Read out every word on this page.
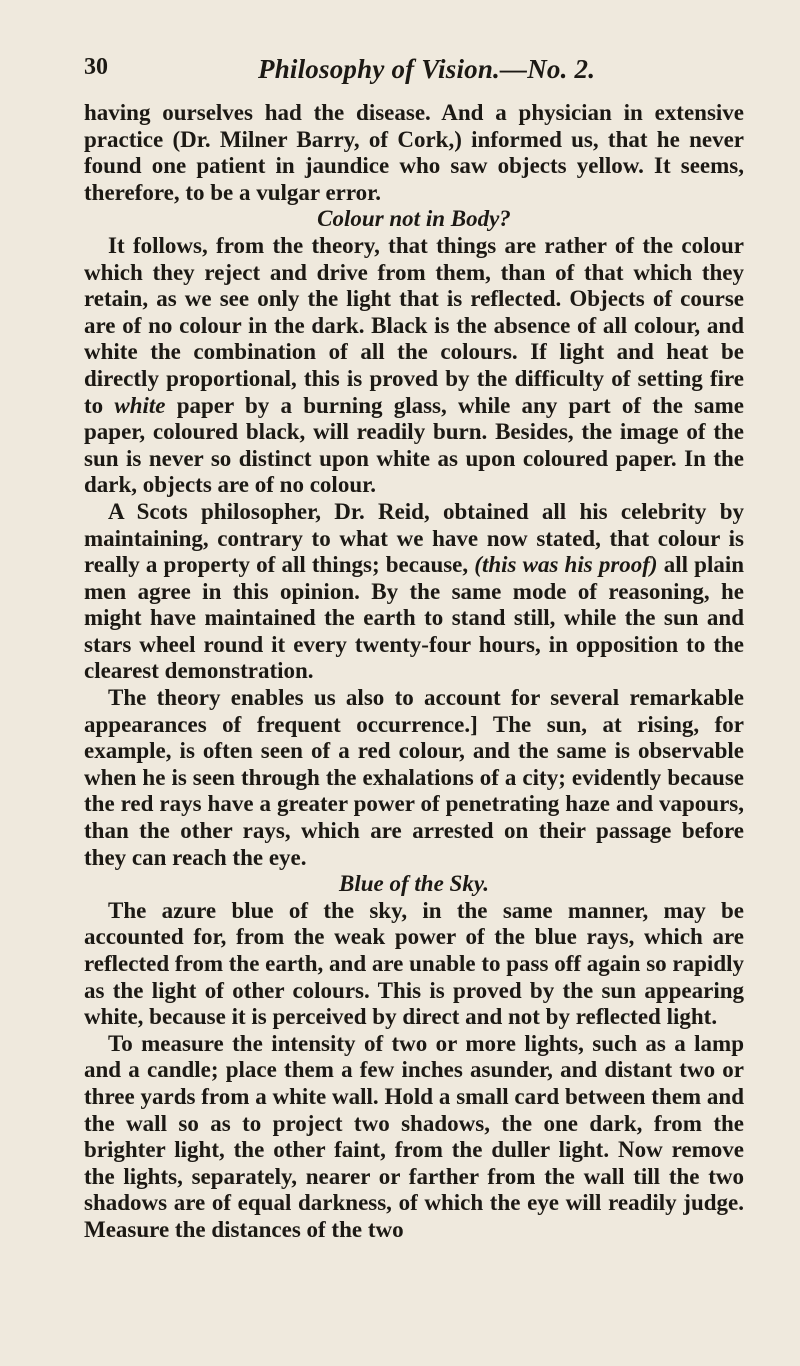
30	Philosophy of Vision.—No. 2.

having ourselves had the disease. And a physician in extensive practice (Dr. Milner Barry, of Cork,) informed us, that he never found one patient in jaundice who saw objects yellow. It seems, therefore, to be a vulgar error.

Colour not in Body?

It follows, from the theory, that things are rather of the colour which they reject and drive from them, than of that which they retain, as we see only the light that is reflected. Objects of course are of no colour in the dark. Black is the absence of all colour, and white the combination of all the colours. If light and heat be directly proportional, this is proved by the difficulty of setting fire to white paper by a burning glass, while any part of the same paper, coloured black, will readily burn. Besides, the image of the sun is never so distinct upon white as upon coloured paper. In the dark, objects are of no colour.

A Scots philosopher, Dr. Reid, obtained all his celebrity by maintaining, contrary to what we have now stated, that colour is really a property of all things; because, (this was his proof) all plain men agree in this opinion. By the same mode of reasoning, he might have maintained the earth to stand still, while the sun and stars wheel round it every twenty-four hours, in opposition to the clearest demonstration.

The theory enables us also to account for several remarkable appearances of frequent occurrence.] The sun, at rising, for example, is often seen of a red colour, and the same is observable when he is seen through the exhalations of a city; evidently because the red rays have a greater power of penetrating haze and vapours, than the other rays, which are arrested on their passage before they can reach the eye.

Blue of the Sky.

The azure blue of the sky, in the same manner, may be accounted for, from the weak power of the blue rays, which are reflected from the earth, and are unable to pass off again so rapidly as the light of other colours. This is proved by the sun appearing white, because it is perceived by direct and not by reflected light.

To measure the intensity of two or more lights, such as a lamp and a candle; place them a few inches asunder, and distant two or three yards from a white wall. Hold a small card between them and the wall so as to project two shadows, the one dark, from the brighter light, the other faint, from the duller light. Now remove the lights, separately, nearer or farther from the wall till the two shadows are of equal darkness, of which the eye will readily judge. Measure the distances of the two
